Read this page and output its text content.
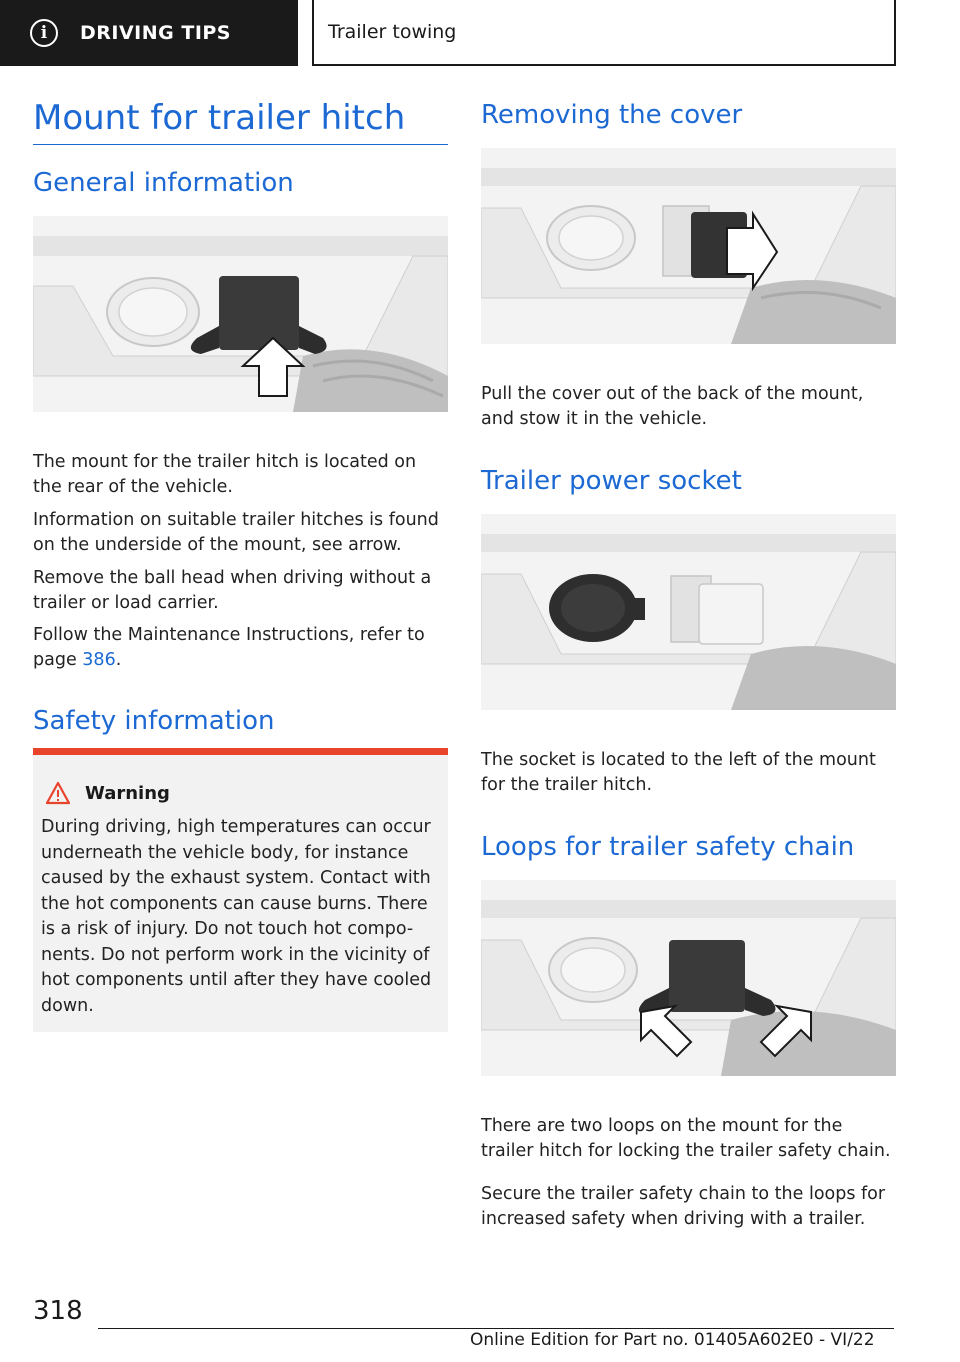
i	DRIVING TIPS	Trailer towing
Mount for trailer hitch
General information

The mount for the trailer hitch is located on the rear of the vehicle.

Information on suitable trailer hitches is found on the underside of the mount, see arrow.

Remove the ball head when driving without a trailer or load carrier.

Follow the Maintenance Instructions, refer to page 386.

Safety information
Warning

During driving, high temperatures can occur underneath the vehicle body, for instance caused by the exhaust system. Contact with the hot components can cause burns. There is a risk of injury. Do not touch hot compo-nents. Do not perform work in the vicinity of hot components until after they have cooled down.

Removing the cover

Pull the cover out of the back of the mount, and stow it in the vehicle.

Trailer power socket

The socket is located to the left of the mount for the trailer hitch.

Loops for trailer safety chain

There are two loops on the mount for the trailer hitch for locking the trailer safety chain.

Secure the trailer safety chain to the loops for increased safety when driving with a trailer.

318
Online Edition for Part no. 01405A602E0 - VI/22
